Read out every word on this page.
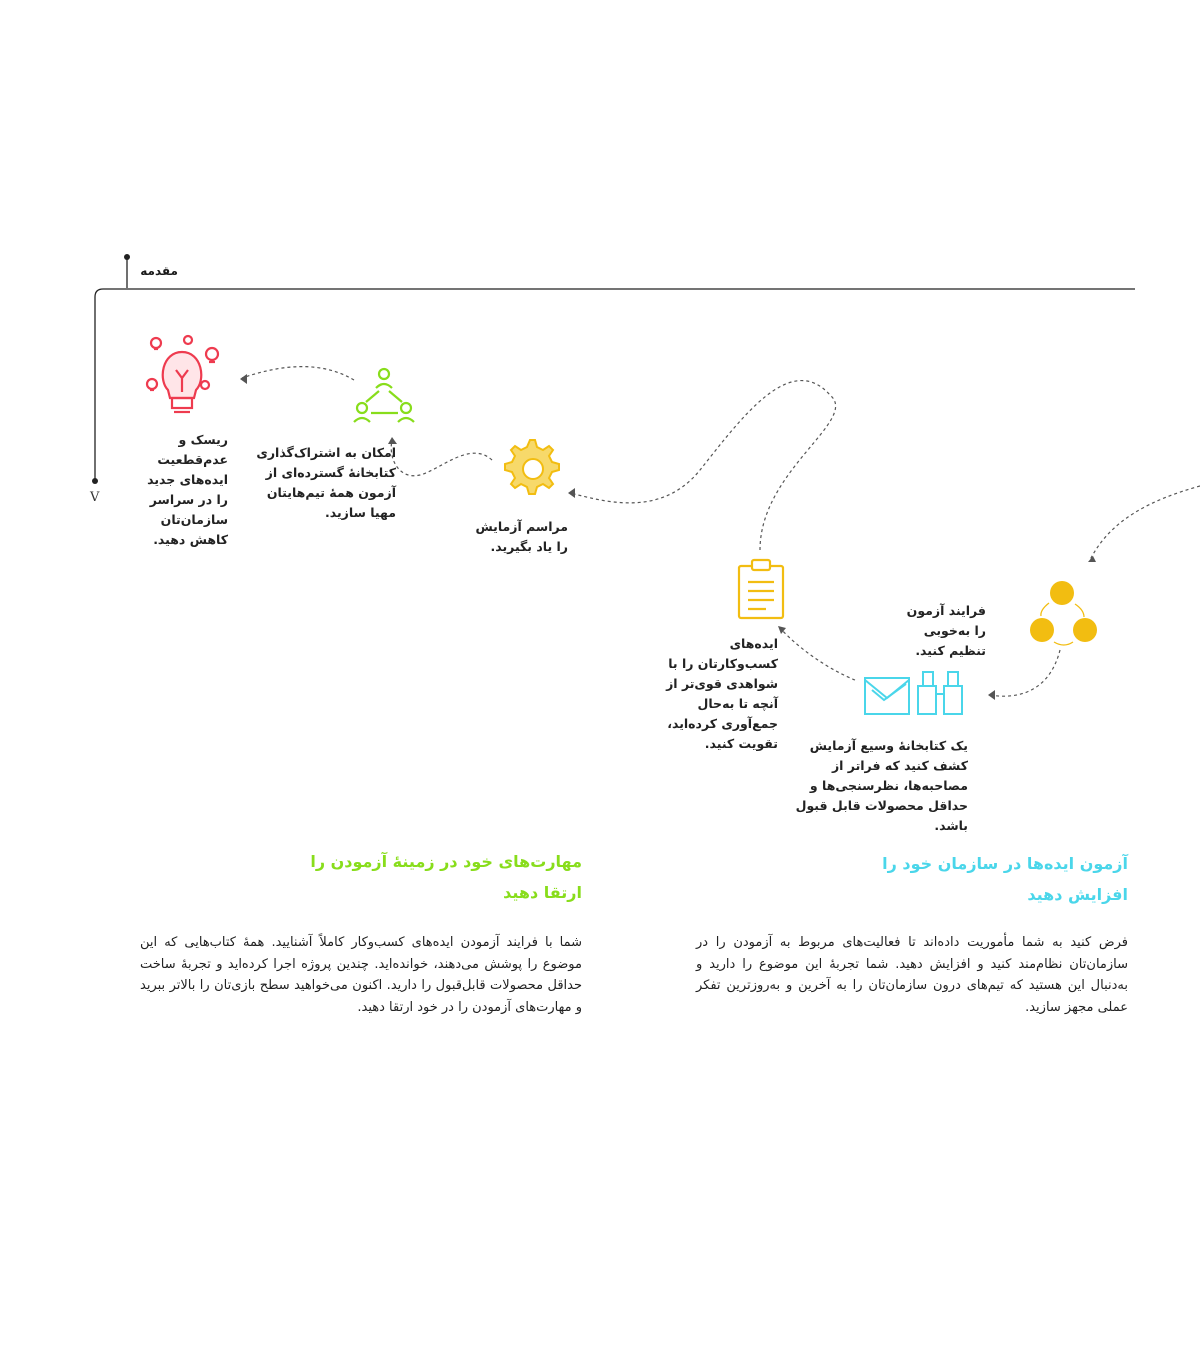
مقدمه
V
فرایند آزمون را به‌خوبی تنظیم کنید.
یک کتابخانهٔ وسیع آزمایش کشف کنید که فراتر از مصاحبه‌ها، نظرسنجی‌ها و حداقل محصولات قابل قبول باشد.
ایده‌های کسب‌وکارتان را با شواهدی قوی‌تر از آنچه تا به‌حال جمع‌آوری کرده‌اید، تقویت کنید.
مراسم آزمایش را یاد بگیرید.
امکان به اشتراک‌گذاری کتابخانهٔ گسترده‌ای از آزمون همهٔ تیم‌هایتان مهیا سازید.
ریسک و عدم‌قطعیت ایده‌های جدید را در سراسر سازمان‌تان کاهش دهید.
آزمون ایده‌ها در سازمان خود را افزایش دهید
فرض کنید به شما مأموریت داده‌اند تا فعالیت‌های مربوط به آزمودن را در سازمان‌تان نظام‌مند کنید و افزایش دهید. شما تجربهٔ این موضوع را دارید و به‌دنبال این هستید که تیم‌های درون سازمان‌تان را به آخرین و به‌روزترین تفکر عملی مجهز سازید.
مهارت‌های خود در زمینهٔ آزمودن را ارتقا دهید
شما با فرایند آزمودن ایده‌های کسب‌وکار کاملاً آشنایید. همهٔ کتاب‌هایی که این موضوع را پوشش می‌دهند، خوانده‌اید. چندین پروژه اجرا کرده‌اید و تجربهٔ ساخت حداقل محصولات قابل‌قبول را دارید. اکنون می‌خواهید سطح بازی‌تان را بالاتر ببرید و مهارت‌های آزمودن را در خود ارتقا دهید.
